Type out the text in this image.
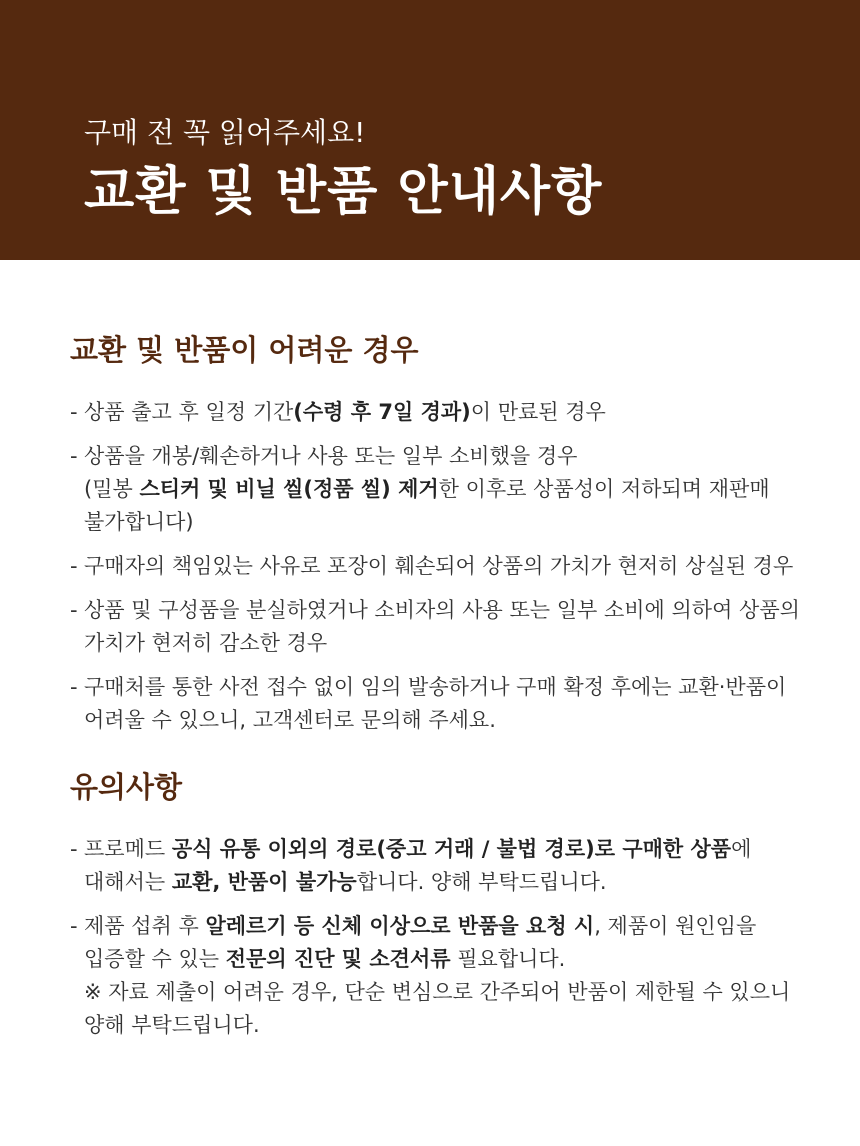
구매 전 꼭 읽어주세요!
교환 및 반품 안내사항
교환 및 반품이 어려운 경우
- 상품 출고 후 일정 기간(수령 후 7일 경과)이 만료된 경우
- 상품을 개봉/훼손하거나 사용 또는 일부 소비했을 경우
(밀봉 스티커 및 비닐 씰(정품 씰) 제거한 이후로 상품성이 저하되며 재판매 불가합니다)
- 구매자의 책임있는 사유로 포장이 훼손되어 상품의 가치가 현저히 상실된 경우
- 상품 및 구성품을 분실하였거나 소비자의 사용 또는 일부 소비에 의하여 상품의 가치가 현저히 감소한 경우
- 구매처를 통한 사전 접수 없이 임의 발송하거나 구매 확정 후에는 교환·반품이 어려울 수 있으니, 고객센터로 문의해 주세요.
유의사항
- 프로메드 공식 유통 이외의 경로(중고 거래 / 불법 경로)로 구매한 상품에 대해서는 교환, 반품이 불가능합니다. 양해 부탁드립니다.
- 제품 섭취 후 알레르기 등 신체 이상으로 반품을 요청 시, 제품이 원인임을 입증할 수 있는 전문의 진단 및 소견서류 필요합니다.
※ 자료 제출이 어려운 경우, 단순 변심으로 간주되어 반품이 제한될 수 있으니 양해 부탁드립니다.
